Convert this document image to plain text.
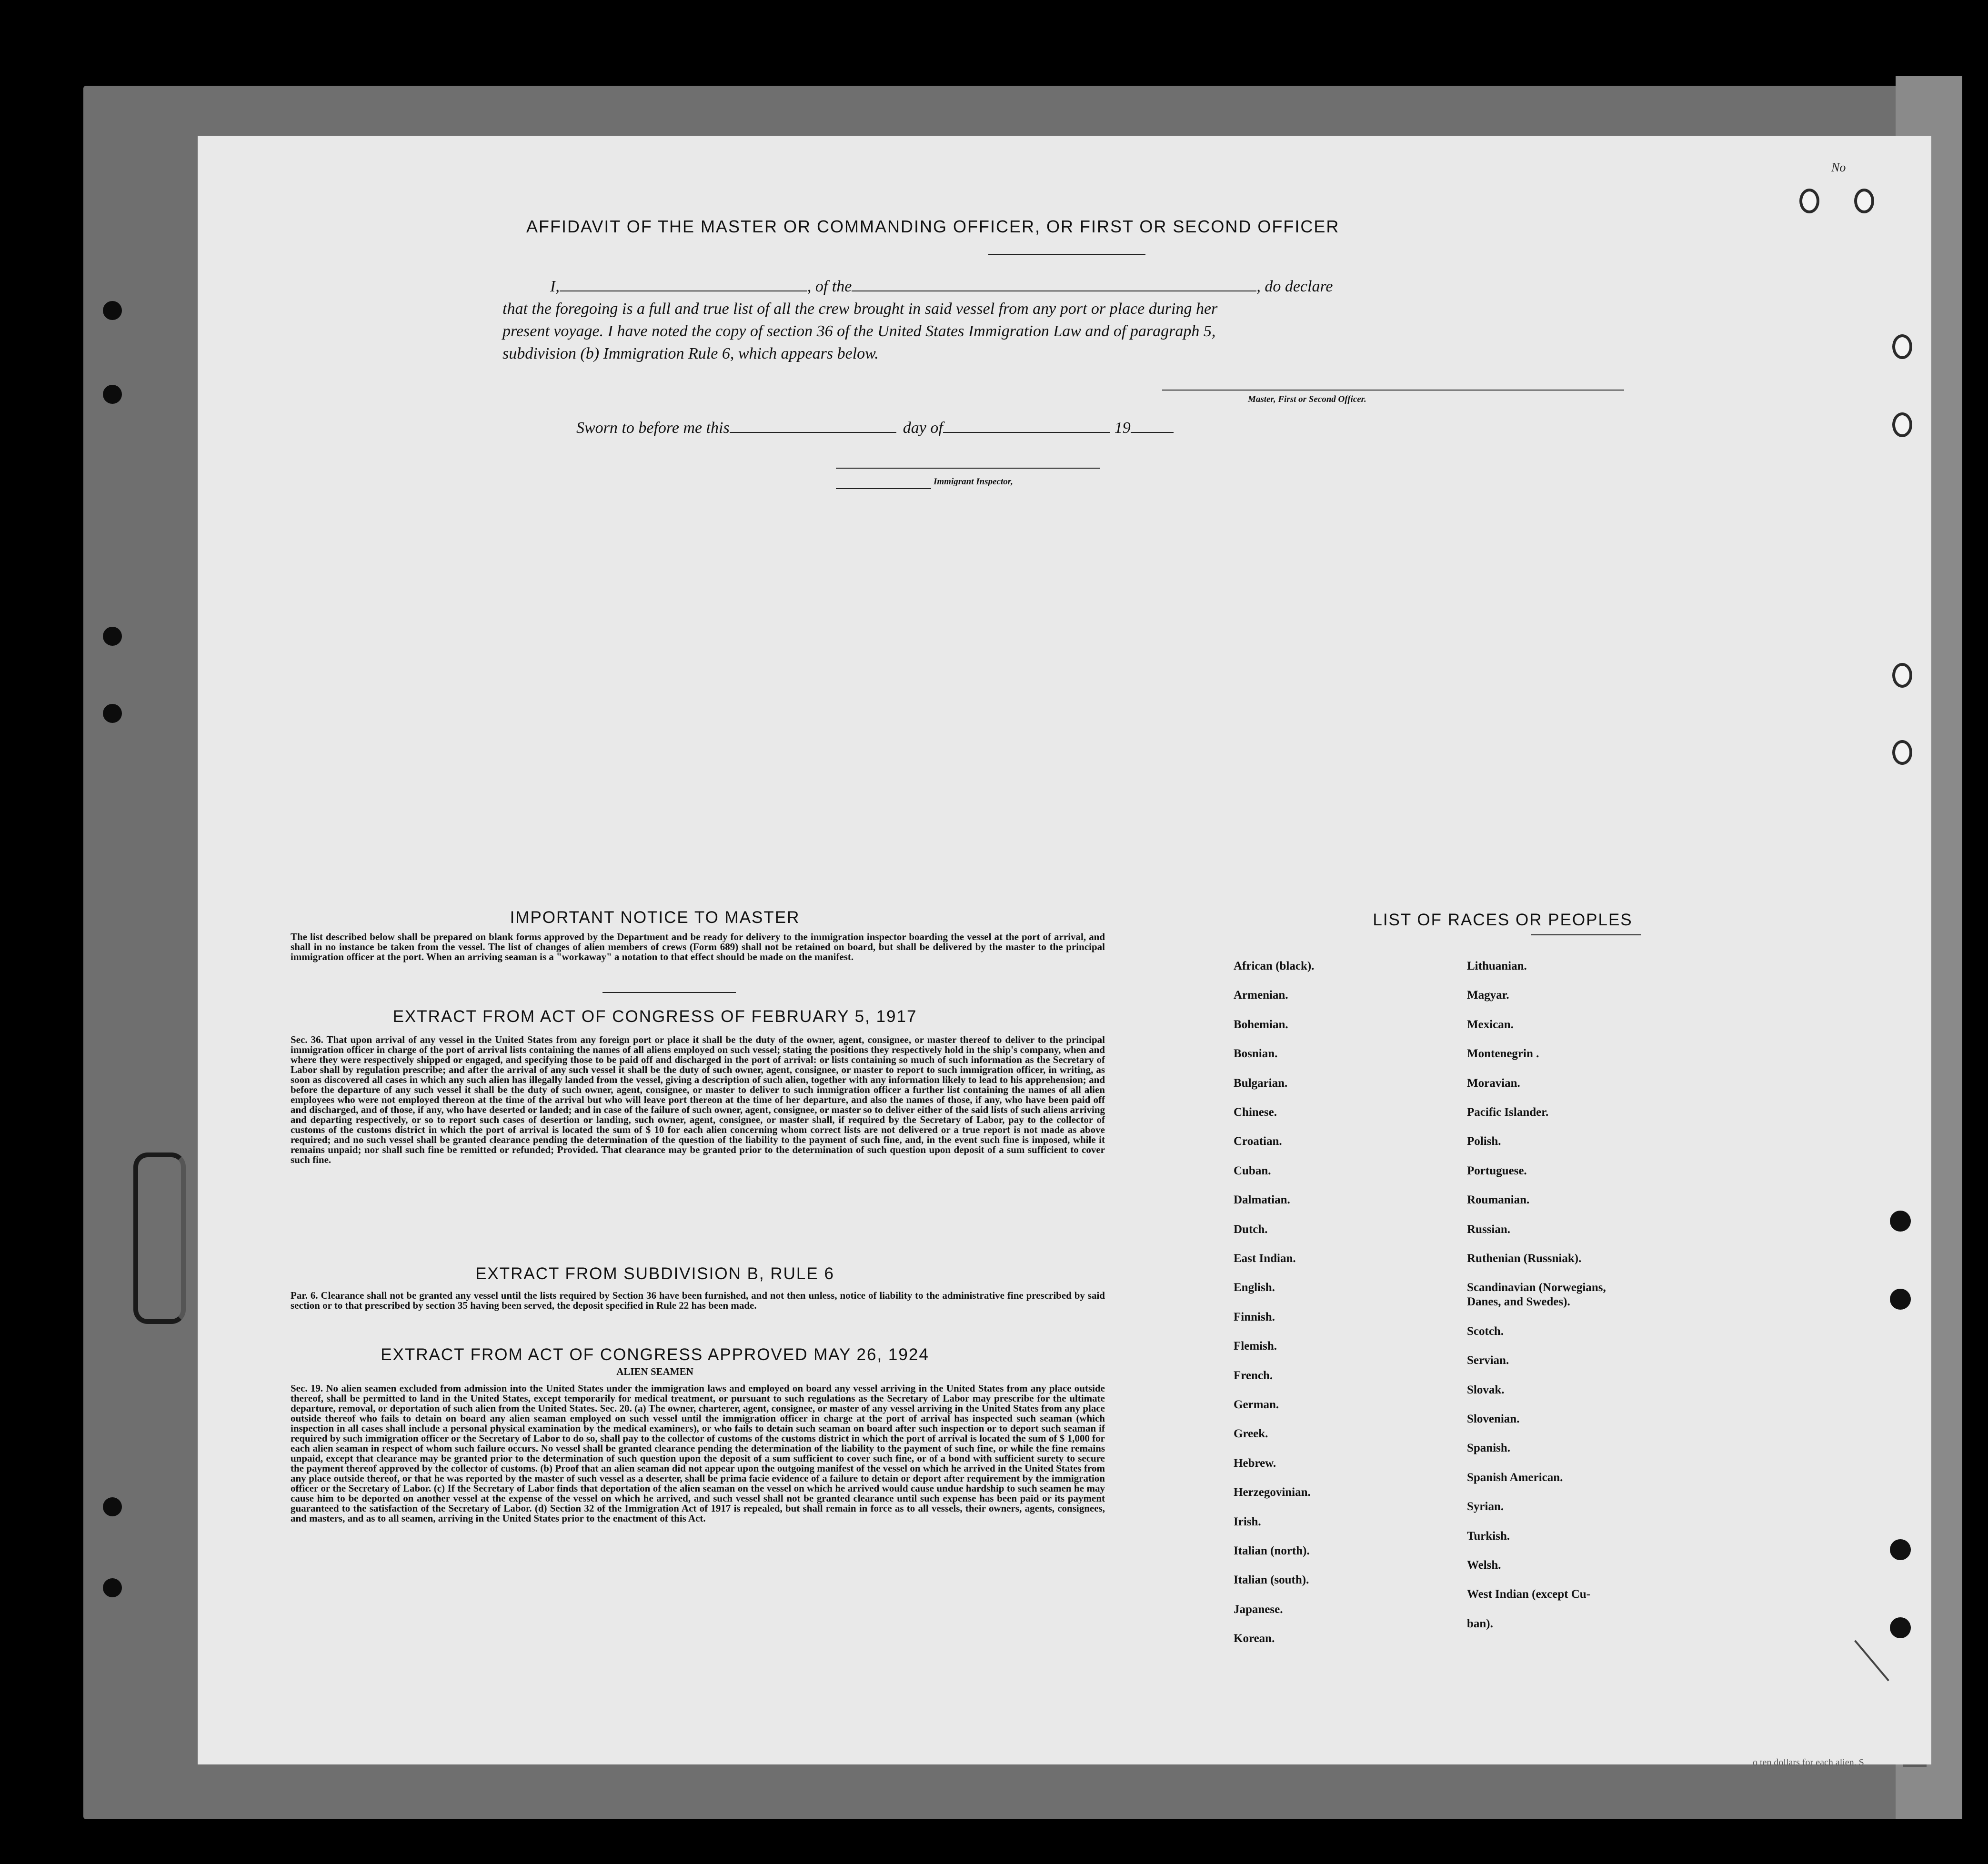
AFFIDAVIT OF THE MASTER OR COMMANDING OFFICER, OR FIRST OR SECOND OFFICER
I,	, of the	, do declare
that the foregoing is a full and true list of all the crew brought in said vessel from any port or place during her
present voyage. I have noted the copy of section 36 of the United States Immigration Law and of paragraph 5,
subdivision (b) Immigration Rule 6, which appears below.
Master, First or Second Officer.
Sworn to before me this	day of	19
Immigrant Inspector,
IMPORTANT NOTICE TO MASTER
The list described below shall be prepared on blank forms approved by the Department and be ready for delivery to the immigration inspector boarding the vessel at the port of arrival, and shall in no instance be taken from the vessel. The list of changes of alien members of crews (Form 689) shall not be retained on board, but shall be delivered by the master to the principal immigration officer at the port. When an arriving seaman is a "workaway" a notation to that effect should be made on the manifest.
EXTRACT FROM ACT OF CONGRESS OF FEBRUARY 5, 1917
Sec. 36. That upon arrival of any vessel in the United States from any foreign port or place it shall be the duty of the owner, agent, consignee, or master thereof to deliver to the principal immigration officer in charge of the port of arrival lists containing the names of all aliens employed on such vessel; stating the positions they respectively hold in the ship's company, when and where they were respectively shipped or engaged, and specifying those to be paid off and discharged in the port of arrival: or lists containing so much of such information as the Secretary of Labor shall by regulation prescribe; and after the arrival of any such vessel it shall be the duty of such owner, agent, consignee, or master to report to such immigration officer, in writing, as soon as discovered all cases in which any such alien has illegally landed from the vessel, giving a description of such alien, together with any information likely to lead to his apprehension; and before the departure of any such vessel it shall be the duty of such owner, agent, consignee, or master to deliver to such immigration officer a further list containing the names of all alien employees who were not employed thereon at the time of the arrival but who will leave port thereon at the time of her departure, and also the names of those, if any, who have been paid off and discharged, and of those, if any, who have deserted or landed; and in case of the failure of such owner, agent, consignee, or master so to deliver either of the said lists of such aliens arriving and departing respectively, or so to report such cases of desertion or landing, such owner, agent, consignee, or master shall, if required by the Secretary of Labor, pay to the collector of customs of the customs district in which the port of arrival is located the sum of $ 10 for each alien concerning whom correct lists are not delivered or a true report is not made as above required; and no such vessel shall be granted clearance pending the determination of the question of the liability to the payment of such fine, and, in the event such fine is imposed, while it remains unpaid; nor shall such fine be remitted or refunded; Provided. That clearance may be granted prior to the determination of such question upon deposit of a sum sufficient to cover such fine.
EXTRACT FROM SUBDIVISION B, RULE 6
Par. 6. Clearance shall not be granted any vessel until the lists required by Section 36 have been furnished, and not then unless, notice of liability to the administrative fine prescribed by said section or to that prescribed by section 35 having been served, the deposit specified in Rule 22 has been made.
EXTRACT FROM ACT OF CONGRESS APPROVED MAY 26, 1924
ALIEN SEAMEN
Sec. 19. No alien seamen excluded from admission into the United States under the immigration laws and employed on board any vessel arriving in the United States from any place outside thereof, shall be permitted to land in the United States, except temporarily for medical treatment, or pursuant to such regulations as the Secretary of Labor may prescribe for the ultimate departure, removal, or deportation of such alien from the United States. Sec. 20. (a) The owner, charterer, agent, consignee, or master of any vessel arriving in the United States from any place outside thereof who fails to detain on board any alien seaman employed on such vessel until the immigration officer in charge at the port of arrival has inspected such seaman (which inspection in all cases shall include a personal physical examination by the medical examiners), or who fails to detain such seaman on board after such inspection or to deport such seaman if required by such immigration officer or the Secretary of Labor to do so, shall pay to the collector of customs of the customs district in which the port of arrival is located the sum of $ 1,000 for each alien seaman in respect of whom such failure occurs. No vessel shall be granted clearance pending the determination of the liability to the payment of such fine, or while the fine remains unpaid, except that clearance may be granted prior to the determination of such question upon the deposit of a sum sufficient to cover such fine, or of a bond with sufficient surety to secure the payment thereof approved by the collector of customs. (b) Proof that an alien seaman did not appear upon the outgoing manifest of the vessel on which he arrived in the United States from any place outside thereof, or that he was reported by the master of such vessel as a deserter, shall be prima facie evidence of a failure to detain or deport after requirement by the immigration officer or the Secretary of Labor. (c) If the Secretary of Labor finds that deportation of the alien seaman on the vessel on which he arrived would cause undue hardship to such seamen he may cause him to be deported on another vessel at the expense of the vessel on which he arrived, and such vessel shall not be granted clearance until such expense has been paid or its payment guaranteed to the satisfaction of the Secretary of Labor. (d) Section 32 of the Immigration Act of 1917 is repealed, but shall remain in force as to all vessels, their owners, agents, consignees, and masters, and as to all seamen, arriving in the United States prior to the enactment of this Act.
LIST OF RACES OR PEOPLES
African (black).
Armenian.
Bohemian.
Bosnian.
Bulgarian.
Chinese.
Croatian.
Cuban.
Dalmatian.
Dutch.
East Indian.
English.
Finnish.
Flemish.
French.
German.
Greek.
Hebrew.
Herzegovinian.
Irish.
Italian (north).
Italian (south).
Japanese.
Korean.
Lithuanian.
Magyar.
Mexican.
Montenegrin .
Moravian.
Pacific Islander.
Polish.
Portuguese.
Roumanian.
Russian.
Ruthenian (Russniak).
Scandinavian (Norwegians,
Danes, and Swedes).
Scotch.
Servian.
Slovak.
Slovenian.
Spanish.
Spanish American.
Syrian.
Turkish.
Welsh.
West Indian (except Cu-
ban).
No
o ten dollars for each alien. S
